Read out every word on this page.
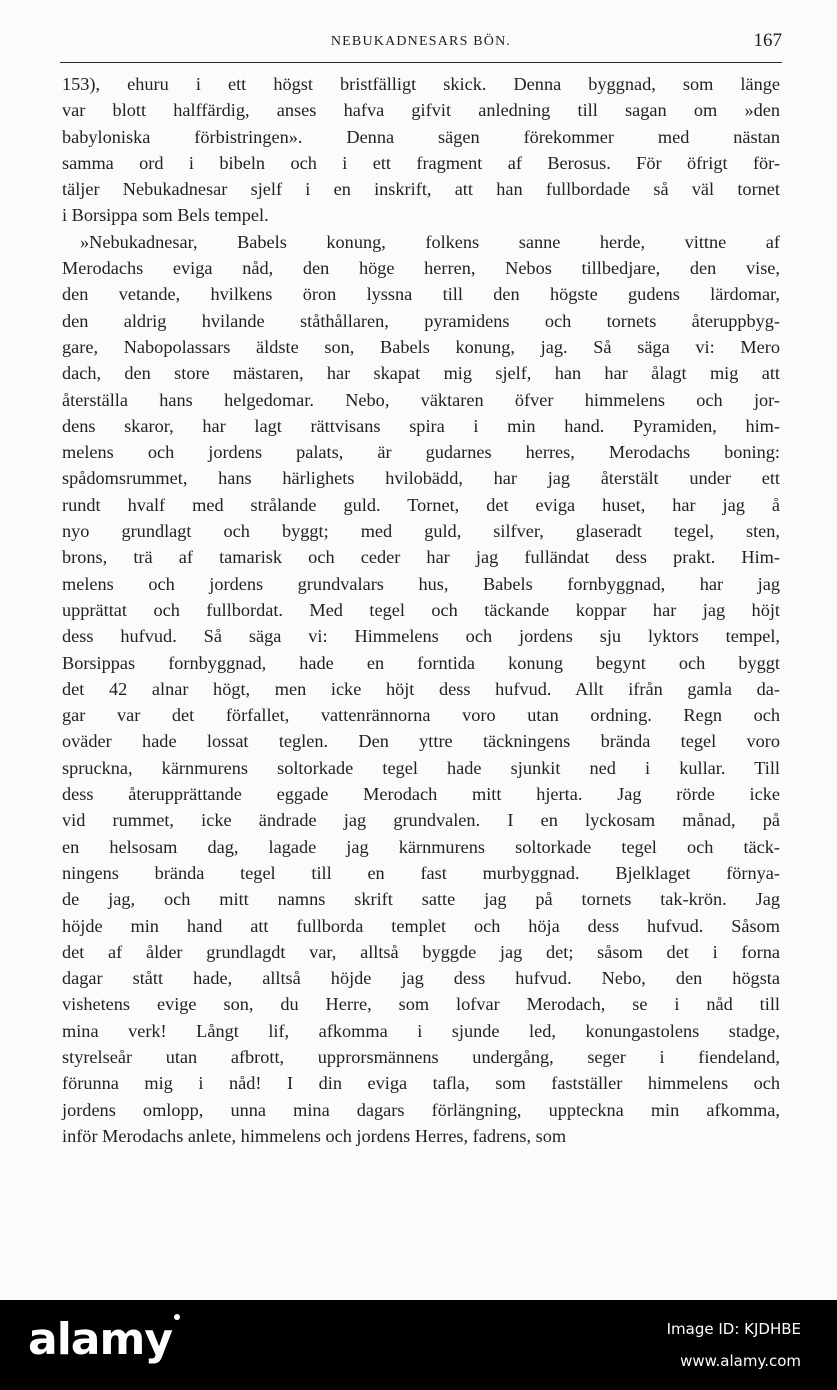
NEBUKADNESARS BÖN.	167
153), ehuru i ett högst bristfälligt skick. Denna byggnad, som länge
var blott halffärdig, anses hafva gifvit anledning till sagan om »den
babyloniska förbistringen». Denna sägen förekommer med nästan
samma ord i bibeln och i ett fragment af Berosus. För öfrigt för-
täljer Nebukadnesar sjelf i en inskrift, att han fullbordade så väl tornet
i Borsippa som Bels tempel.
»Nebukadnesar, Babels konung, folkens sanne herde, vittne af
Merodachs eviga nåd, den höge herren, Nebos tillbedjare, den vise,
den vetande, hvilkens öron lyssna till den högste gudens lärdomar,
den aldrig hvilande ståthållaren, pyramidens och tornets återuppbyg-
gare, Nabopolassars äldste son, Babels konung, jag. Så säga vi: Mero
dach, den store mästaren, har skapat mig sjelf, han har ålagt mig att
återställa hans helgedomar. Nebo, väktaren öfver himmelens och jor-
dens skaror, har lagt rättvisans spira i min hand. Pyramiden, him-
melens och jordens palats, är gudarnes herres, Merodachs boning:
spådomsrummet, hans härlighets hvilobädd, har jag återstält under ett
rundt hvalf med strålande guld. Tornet, det eviga huset, har jag å
nyo grundlagt och byggt; med guld, silfver, glaseradt tegel, sten,
brons, trä af tamarisk och ceder har jag fulländat dess prakt. Him-
melens och jordens grundvalars hus, Babels fornbyggnad, har jag
upprättat och fullbordat. Med tegel och täckande koppar har jag höjt
dess hufvud. Så säga vi: Himmelens och jordens sju lyktors tempel,
Borsippas fornbyggnad, hade en forntida konung begynt och byggt
det 42 alnar högt, men icke höjt dess hufvud. Allt ifrån gamla da-
gar var det förfallet, vattenrännorna voro utan ordning. Regn och
oväder hade lossat teglen. Den yttre täckningens brända tegel voro
spruckna, kärnmurens soltorkade tegel hade sjunkit ned i kullar. Till
dess återupprättande eggade Merodach mitt hjerta. Jag rörde icke
vid rummet, icke ändrade jag grundvalen. I en lyckosam månad, på
en helsosam dag, lagade jag kärnmurens soltorkade tegel och täck-
ningens brända tegel till en fast murbyggnad. Bjelklaget förnya-
de jag, och mitt namns skrift satte jag på tornets tak-krön. Jag
höjde min hand att fullborda templet och höja dess hufvud. Såsom
det af ålder grundlagdt var, alltså byggde jag det; såsom det i forna
dagar stått hade, alltså höjde jag dess hufvud. Nebo, den högsta
vishetens evige son, du Herre, som lofvar Merodach, se i nåd till
mina verk! Långt lif, afkomma i sjunde led, konungastolens stadge,
styrelseår utan afbrott, upprorsmännens undergång, seger i fiendeland,
förunna mig i nåd! I din eviga tafla, som fastställer himmelens och
jordens omlopp, unna mina dagars förlängning, uppteckna min afkomma,
inför Merodachs anlete, himmelens och jordens Herres, fadrens, som
alamy	Image ID: KJDHBE
www.alamy.com
